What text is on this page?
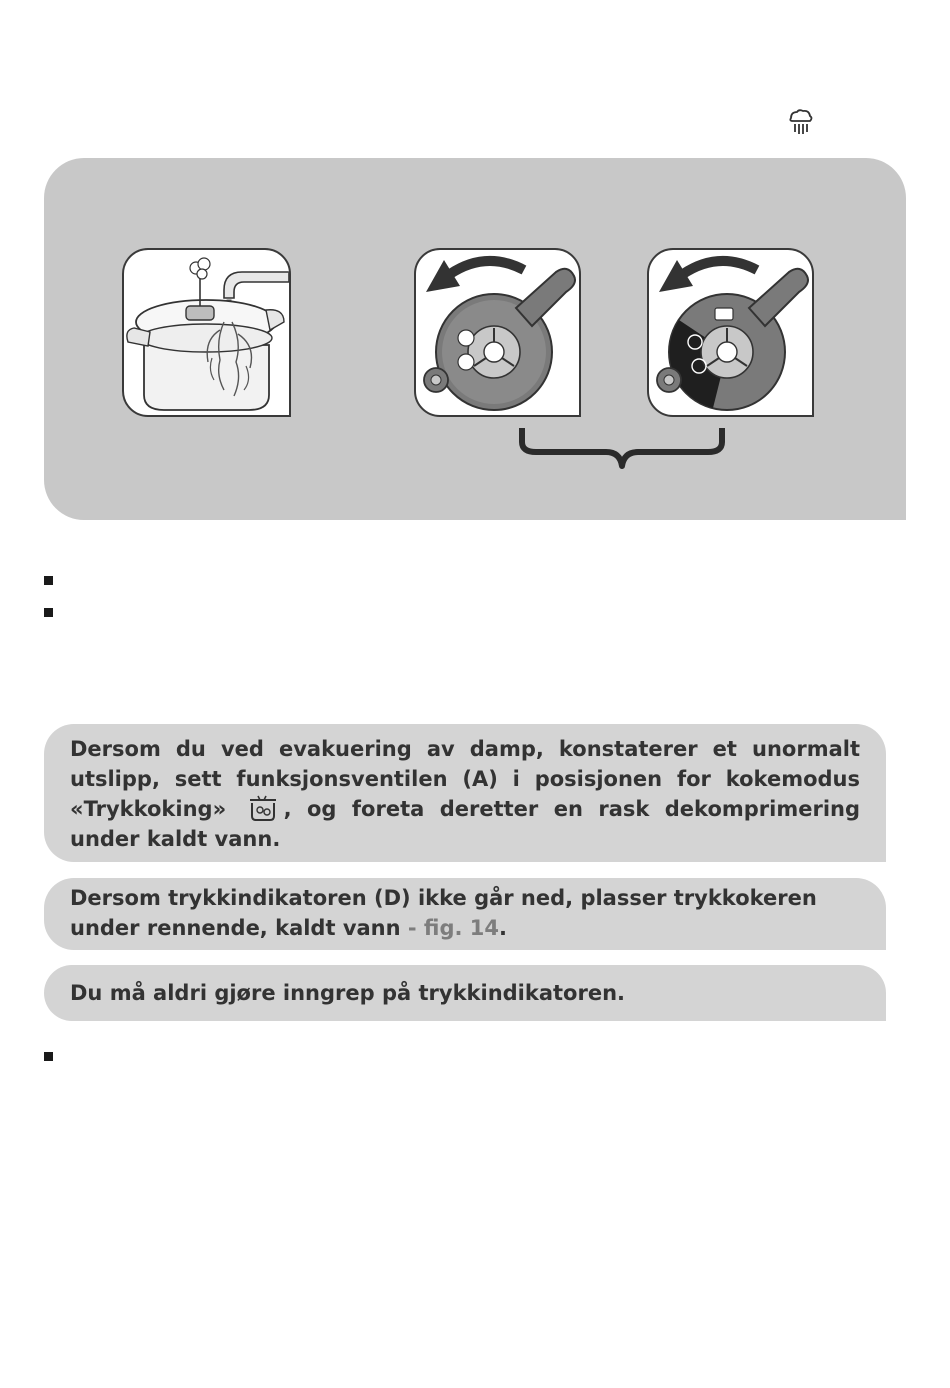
Dersom du ved evakuering av damp, konstaterer et unormalt utslipp, sett funksjonsventilen (A) i posisjonen for kokemodus «Trykkoking»	, og foreta deretter en rask dekomprimering under kaldt vann.
Dersom trykkindikatoren (D) ikke går ned, plasser trykkokeren under rennende, kaldt vann - fig. 14.
Du må aldri gjøre inngrep på trykkindikatoren.
